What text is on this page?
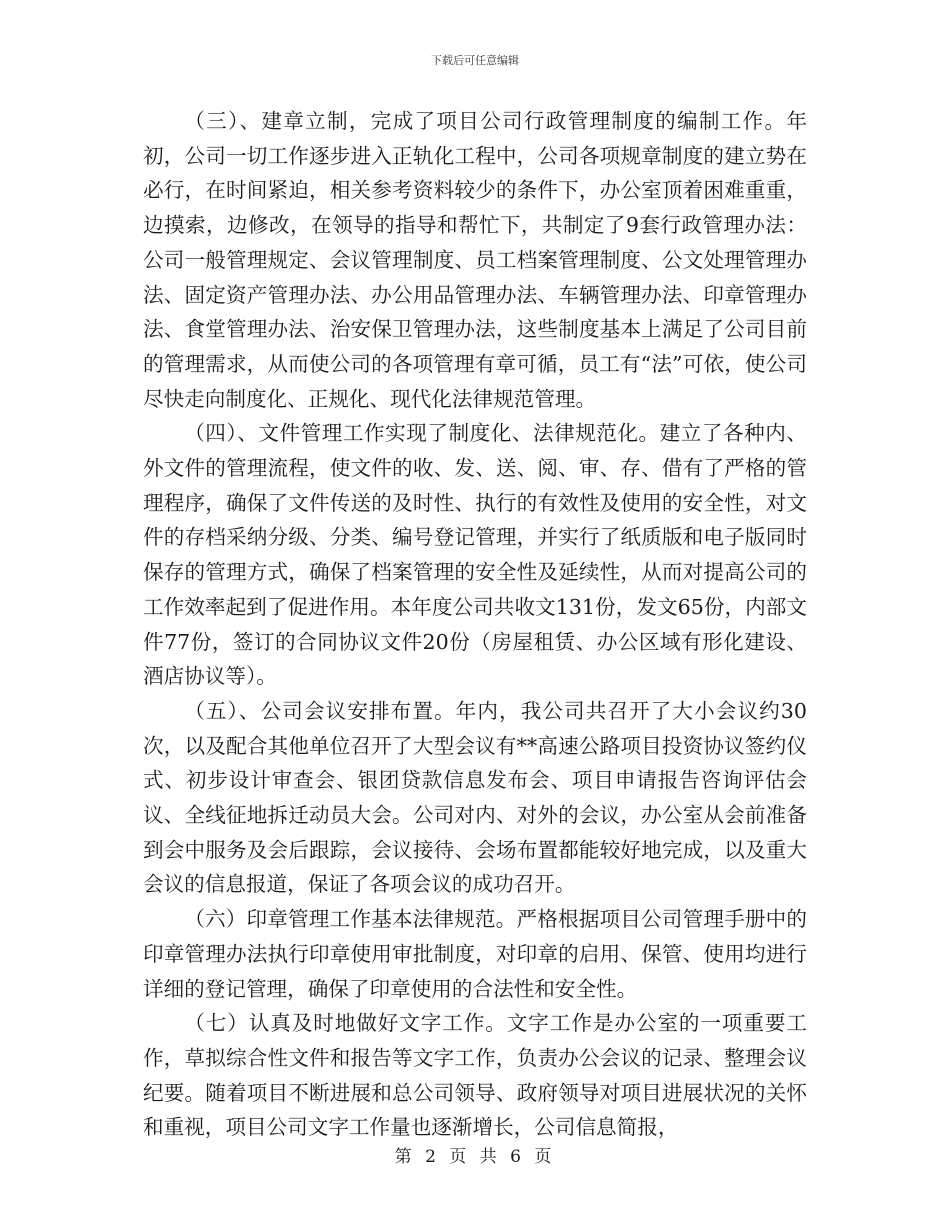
下载后可任意编辑

（三）、建章立制，完成了项目公司行政管理制度的编制工作。年初，公司一切工作逐步进入正轨化工程中，公司各项规章制度的建立势在必行，在时间紧迫，相关参考资料较少的条件下，办公室顶着困难重重，边摸索，边修改，在领导的指导和帮忙下，共制定了9套行政管理办法：公司一般管理规定、会议管理制度、员工档案管理制度、公文处理管理办法、固定资产管理办法、办公用品管理办法、车辆管理办法、印章管理办法、食堂管理办法、治安保卫管理办法，这些制度基本上满足了公司目前的管理需求，从而使公司的各项管理有章可循，员工有“法”可依，使公司尽快走向制度化、正规化、现代化法律规范管理。

（四）、文件管理工作实现了制度化、法律规范化。建立了各种内、外文件的管理流程，使文件的收、发、送、阅、审、存、借有了严格的管理程序，确保了文件传送的及时性、执行的有效性及使用的安全性，对文件的存档采纳分级、分类、编号登记管理，并实行了纸质版和电子版同时保存的管理方式，确保了档案管理的安全性及延续性，从而对提高公司的工作效率起到了促进作用。本年度公司共收文131份，发文65份，内部文件77份，签订的合同协议文件20份（房屋租赁、办公区域有形化建设、酒店协议等）。

（五）、公司会议安排布置。年内，我公司共召开了大小会议约30次，以及配合其他单位召开了大型会议有**高速公路项目投资协议签约仪式、初步设计审查会、银团贷款信息发布会、项目申请报告咨询评估会议、全线征地拆迁动员大会。公司对内、对外的会议，办公室从会前准备到会中服务及会后跟踪，会议接待、会场布置都能较好地完成，以及重大会议的信息报道，保证了各项会议的成功召开。

（六）印章管理工作基本法律规范。严格根据项目公司管理手册中的印章管理办法执行印章使用审批制度，对印章的启用、保管、使用均进行详细的登记管理，确保了印章使用的合法性和安全性。

（七）认真及时地做好文字工作。文字工作是办公室的一项重要工作，草拟综合性文件和报告等文字工作，负责办公会议的记录、整理会议纪要。随着项目不断进展和总公司领导、政府领导对项目进展状况的关怀和重视，项目公司文字工作量也逐渐增长，公司信息简报，

第 2 页 共 6 页
